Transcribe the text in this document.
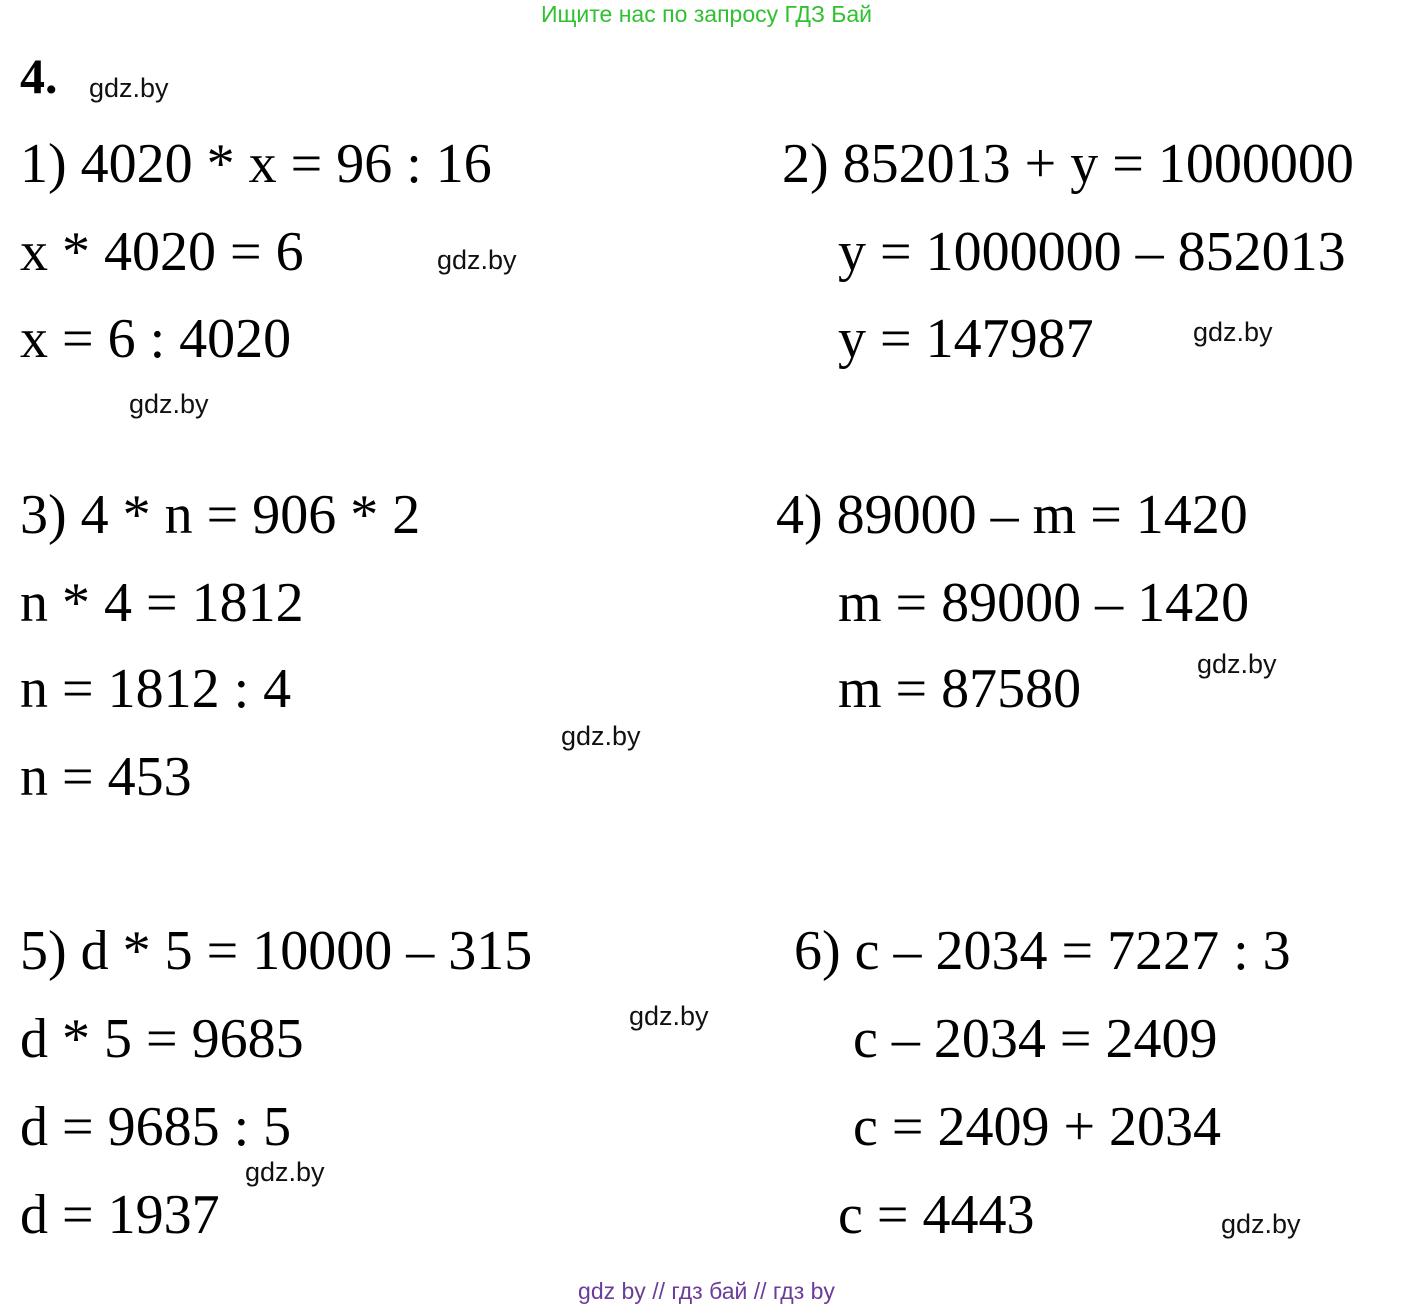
Ищите нас по запросу ГДЗ Бай
4. gdz.by
1) 4020 * x = 96 : 16
x * 4020 = 6
x = 6 : 4020
gdz.by
gdz.by
2) 852013 + y = 1000000
y = 1000000 – 852013
y = 147987	gdz.by
3) 4 * n = 906 * 2
n * 4 = 1812
n = 1812 : 4
n = 453
gdz.by
4) 89000 – m = 1420
m = 89000 – 1420
m = 87580	gdz.by
5) d * 5 = 10000 – 315
d * 5 = 9685
d = 9685 : 5
d = 1937
gdz.by
gdz.by
6) c – 2034 = 7227 : 3
c – 2034 = 2409
c = 2409 + 2034
c = 4443	gdz.by
gdz by // гдз бай // гдз by
